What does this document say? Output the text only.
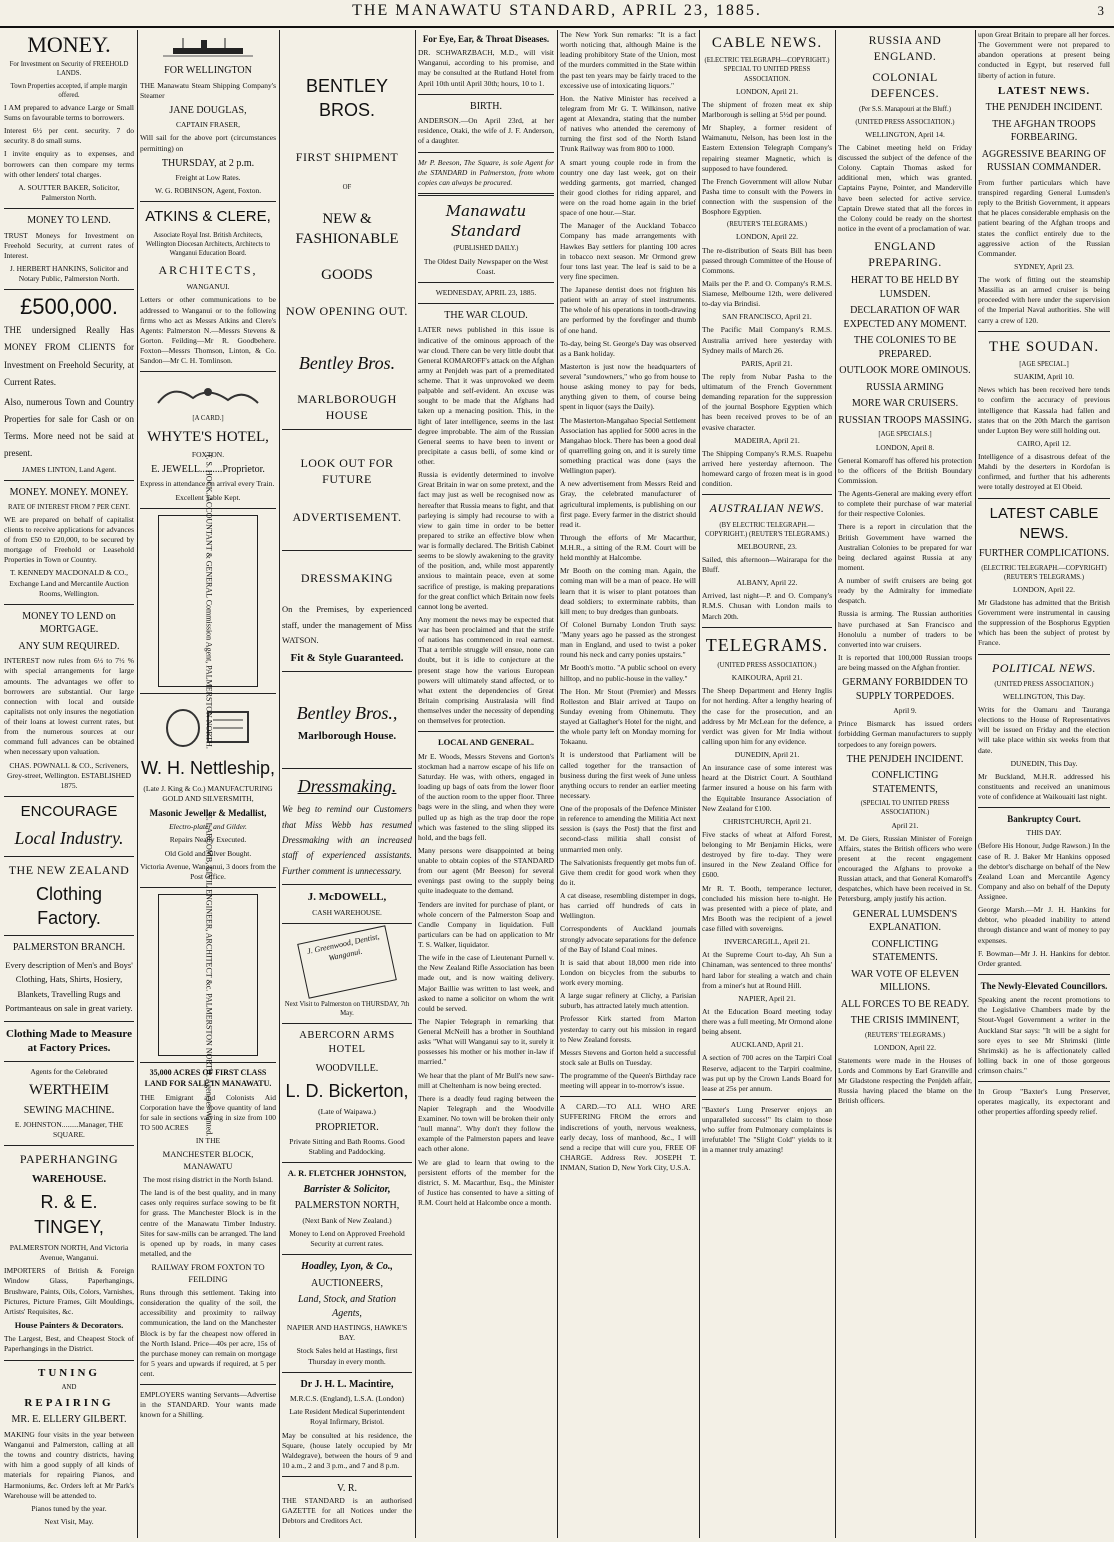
THE MANAWATU STANDARD, APRIL 23, 1885.	3
MONEY.

For Investment on Security of FREEHOLD LANDS.

Town Properties accepted, if ample margin offered.

I AM prepared to advance Large or Small Sums on favourable terms to borrowers.

Interest 6½ per cent. security. 7 do security. 8 do small sums.

I invite enquiry as to expenses, and borrowers can then compare my terms with other lenders' total charges.

A. SOUTTER BAKER, Solicitor, Palmerston North.

MONEY TO LEND.

TRUST Moneys for Investment on Freehold Security, at current rates of Interest.

J. HERBERT HANKINS, Solicitor and Notary Public, Palmerston North.

£500,000.

THE undersigned Really Has MONEY FROM CLIENTS for Investment on Freehold Security, at Current Rates.

Also, numerous Town and Country Properties for sale for Cash or on Terms. More need not be said at present.

JAMES LINTON, Land Agent.

MONEY. MONEY. MONEY.

RATE OF INTEREST FROM 7 PER CENT.

WE are prepared on behalf of capitalist clients to receive applications for advances of from £50 to £20,000, to be secured by mortgage of Freehold or Leasehold Properties in Town or Country.

T. KENNEDY MACDONALD & CO., Exchange Land and Mercantile Auction Rooms, Wellington.

MONEY TO LEND on MORTGAGE.
ANY SUM REQUIRED.

INTEREST now rules from 6½ to 7½ % with special arrangements for large amounts. The advantages we offer to borrowers are substantial. Our large connection with local and outside capitalists not only insures the negotiation of their loans at lowest current rates, but from the numerous sources at our command full advances can be obtained when necessary upon valuation.

CHAS. POWNALL & CO., Scriveners, Grey-street, Wellington. ESTABLISHED 1875.

ENCOURAGE
Local Industry.
THE NEW ZEALAND
Clothing Factory.
PALMERSTON BRANCH.

Every description of Men's and Boys' Clothing, Hats, Shirts, Hosiery, Blankets, Travelling Rugs and Portmanteaus on sale in great variety.

Clothing Made to Measure at Factory Prices.

Agents for the Celebrated

WERTHEIM
SEWING MACHINE.

E. JOHNSTON.........Manager, THE SQUARE.

PAPERHANGING
WAREHOUSE.
R. & E. TINGEY,

PALMERSTON NORTH, And Victoria Avenue, Wanganui.

IMPORTERS of British & Foreign Window Glass, Paperhangings, Brushware, Paints, Oils, Colors, Varnishes, Pictures, Picture Frames, Gilt Mouldings, Artists' Requisites, &c.

House Painters & Decorators.

The Largest, Best, and Cheapest Stock of Paperhangings in the District.

TUNING
AND
REPAIRING
MR. E. ELLERY GILBERT.

MAKING four visits in the year between Wanganui and Palmerston, calling at all the towns and country districts, having with him a good supply of all kinds of materials for repairing Pianos, and Harmoniums, &c. Orders left at Mr Park's Warehouse will be attended to.

Pianos tuned by the year.

Next Visit, May.

FOR WELLINGTON

THE Manawatu Steam Shipping Company's Steamer

JANE DOUGLAS,

CAPTAIN FRASER,

Will sail for the above port (circumstances permitting) on

THURSDAY, at 2 p.m.

Freight at Low Rates.

W. G. ROBINSON, Agent, Foxton.

ATKINS & CLERE,

Associate Royal Inst. British Architects, Wellington Diocesan Architects, Architects to Wanganui Education Board.

ARCHITECTS,

WANGANUI.

Letters or other communications to be addressed to Wanganui or to the following firms who act as Messrs Atkins and Clere's Agents: Palmerston N.—Messrs Stevens & Gorton. Feilding—Mr R. Goodbehere. Foxton—Messrs Thomson, Linton, & Co. Sandon—Mr C. H. Tomlinson.

[A CARD.]

WHYTE'S HOTEL,

FOXTON.

E. JEWELL.........Proprietor.

Express in attendance on arrival every Train.

Excellent Table Kept.

T. S. HOCK. ACCOUNTANT & GENERAL Commission Agent, PALMERSTON NORTH.
W. H. Nettleship,

(Late J. King & Co.) MANUFACTURING GOLD AND SILVERSMITH,

Masonic Jeweller & Medallist,

Electro-plater and Gilder.

Repairs Neatly Executed.

Old Gold and Silver Bought.

Victoria Avenue, Wanganui, 3 doors from the Post Office.

E. LARCOMB, CIVIL ENGINEER, ARCHITECT &c. PALMERSTON NORTH. Agencies Wanted.
35,000 ACRES OF FIRST CLASS LAND FOR SALE IN MANAWATU.

THE Emigrant and Colonists Aid Corporation have the above quantity of land for sale in sections varying in size from 100 TO 500 ACRES

IN THE

MANCHESTER BLOCK, MANAWATU

The most rising district in the North Island.

The land is of the best quality, and in many cases only requires surface sowing to be fit for grass. The Manchester Block is in the centre of the Manawatu Timber Industry. Sites for saw-mills can be arranged. The land is opened up by roads, in many cases metalled, and the

RAILWAY FROM FOXTON TO FEILDING

Runs through this settlement. Taking into consideration the quality of the soil, the accessibility and proximity to railway communication, the land on the Manchester Block is by far the cheapest now offered in the North Island. Price—40s per acre, 15s of the purchase money can remain on mortgage for 5 years and upwards if required, at 5 per cent.

EMPLOYERS wanting Servants—Advertise in the STANDARD. Your wants made known for a Shilling.

BENTLEY BROS.
FIRST SHIPMENT
OF
NEW & FASHIONABLE
GOODS
NOW OPENING OUT.
Bentley Bros.
MARLBOROUGH HOUSE
LOOK OUT FOR FUTURE
ADVERTISEMENT.
DRESSMAKING

On the Premises, by experienced staff, under the management of Miss WATSON.

Fit & Style Guaranteed.
Bentley Bros.,
Marlborough House.
Dressmaking.

We beg to remind our Customers that Miss Webb has resumed Dressmaking with an increased staff of experienced assistants. Further comment is unnecessary.

J. McDOWELL,

CASH WAREHOUSE.

J. Greenwood, Dentist, Wanganui.

Next Visit to Palmerston on THURSDAY, 7th May.

ABERCORN ARMS HOTEL
WOODVILLE.
L. D. Bickerton,

(Late of Waipawa.)

PROPRIETOR.

Private Sitting and Bath Rooms. Good Stabling and Paddocking.

A. R. FLETCHER JOHNSTON,
Barrister & Solicitor,
PALMERSTON NORTH,

(Next Bank of New Zealand.)

Money to Lend on Approved Freehold Security at current rates.

Hoadley, Lyon, & Co.,
AUCTIONEERS,
Land, Stock, and Station Agents,

NAPIER AND HASTINGS, HAWKE'S BAY.

Stock Sales held at Hastings, first Thursday in every month.

Dr J. H. L. Macintire,

M.R.C.S. (England), L.S.A. (London)

Late Resident Medical Superintendent Royal Infirmary, Bristol.

May be consulted at his residence, the Square, (house lately occupied by Mr Waldegrave), between the hours of 9 and 10 a.m., 2 and 3 p.m., and 7 and 8 p.m.

V. R.

THE STANDARD is an authorised GAZETTE for all Notices under the Debtors and Creditors Act.

For Eye, Ear, & Throat Diseases.

DR. SCHWARZBACH, M.D., will visit Wanganui, according to his promise, and may be consulted at the Rutland Hotel from April 10th until April 30th; hours, 10 to 1.

BIRTH.

ANDERSON.—On April 23rd, at her residence, Otaki, the wife of J. F. Anderson, of a daughter.

Mr P. Beeson, The Square, is sole Agent for the STANDARD in Palmerston, from whom copies can always be procured.

Manawatu Standard

(PUBLISHED DAILY.)

The Oldest Daily Newspaper on the West Coast.

WEDNESDAY, APRIL 23, 1885.

THE WAR CLOUD.

LATER news published in this issue is indicative of the ominous approach of the war cloud. There can be very little doubt that General KOMAROFF's attack on the Afghan army at Penjdeh was part of a premeditated scheme. That it was unprovoked we deem palpable and self-evident. An excuse was sought to be made that the Afghans had taken up a menacing position. This, in the light of later intelligence, seems in the last degree improbable. The aim of the Russian General seems to have been to invent or precipitate a casus belli, of some kind or other.

Russia is evidently determined to involve Great Britain in war on some pretext, and the fact may just as well be recognised now as hereafter that Russia means to fight, and that parleying is simply had recourse to with a view to gain time in order to be better prepared to strike an effective blow when war is formally declared. The British Cabinet seems to be slowly awakening to the gravity of the position, and, while most apparently anxious to maintain peace, even at some sacrifice of prestige, is making preparations for the great conflict which Britain now feels cannot long be averted.

Any moment the news may be expected that war has been proclaimed and that the strife of nations has commenced in real earnest. That a terrible struggle will ensue, none can doubt, but it is idle to conjecture at the present stage how the various European powers will ultimately stand affected, or to what extent the dependencies of Great Britain comprising Australasia will find themselves under the necessity of depending on themselves for protection.

LOCAL AND GENERAL.

Mr E. Woods, Messrs Stevens and Gorton's stockman had a narrow escape of his life on Saturday. He was, with others, engaged in loading up bags of oats from the lower floor of the auction room to the upper floor. Three bags were in the sling, and when they were pulled up as high as the trap door the rope which was fastened to the sling slipped its hold, and the bags fell.

Many persons were disappointed at being unable to obtain copies of the STANDARD from our agent (Mr Beeson) for several evenings past owing to the supply being quite inadequate to the demand.

Tenders are invited for purchase of plant, or whole concern of the Palmerston Soap and Candle Company in liquidation. Full particulars can be had on application to Mr T. S. Walker, liquidator.

The wife in the case of Lieutenant Purnell v. the New Zealand Rifle Association has been made out, and is now waiting delivery. Major Baillie was written to last week, and asked to name a solicitor on whom the writ could be served.

The Napier Telegraph in remarking that General McNeill has a brother in Southland asks "What will Wanganui say to it, surely it possesses his mother or his mother in-law if married."

We hear that the plant of Mr Bull's new saw-mill at Cheltenham is now being erected.

There is a deadly feud raging between the Napier Telegraph and the Woodville Examiner. No town will be broken their only "null manna". Why don't they follow the example of the Palmerston papers and leave each other alone.

We are glad to learn that owing to the persistent efforts of the member for the district, S. M. Macarthur, Esq., the Minister of Justice has consented to have a sitting of R.M. Court held at Halcombe once a month.

The New York Sun remarks: "It is a fact worth noticing that, although Maine is the leading prohibitory State of the Union, most of the murders committed in the State within the past ten years may be fairly traced to the excessive use of intoxicating liquors."

Hon. the Native Minister has received a telegram from Mr G. T. Wilkinson, native agent at Alexandra, stating that the number of natives who attended the ceremony of turning the first sod of the North Island Trunk Railway was from 800 to 1000.

A smart young couple rode in from the country one day last week, got on their wedding garments, got married, changed their good clothes for riding apparel, and were on the road home again in the brief space of one hour.—Star.

The Manager of the Auckland Tobacco Company has made arrangements with Hawkes Bay settlers for planting 100 acres in tobacco next season. Mr Ormond grew four tons last year. The leaf is said to be a very fine specimen.

The Japanese dentist does not frighten his patient with an array of steel instruments. The whole of his operations in tooth-drawing are performed by the forefinger and thumb of one hand.

To-day, being St. George's Day was observed as a Bank holiday.

Masterton is just now the headquarters of several "sundowners," who go from house to house asking money to pay for beds, anything given to them, of course being spent in liquor (says the Daily).

The Masterton-Mangahao Special Settlement Association has applied for 5000 acres in the Mangahao block. There has been a good deal of quarrelling going on, and it is surely time something practical was done (says the Wellington paper).

A new advertisement from Messrs Reid and Gray, the celebrated manufacturer of agricultural implements, is publishing on our first page. Every farmer in the district should read it.

Through the efforts of Mr Macarthur, M.H.R., a sitting of the R.M. Court will be held monthly at Halcombe.

Mr Booth on the coming man. Again, the coming man will be a man of peace. He will learn that it is wiser to plant potatoes than dead soldiers; to exterminate rabbits, than kill men; to buy dredges than gunboats.

Of Colonel Burnaby London Truth says: "Many years ago he passed as the strongest man in England, and used to twist a poker round his neck and carry ponies upstairs."

Mr Booth's motto. "A public school on every hilltop, and no public-house in the valley."

The Hon. Mr Stout (Premier) and Messrs Rolleston and Blair arrived at Taupo on Sunday evening from Ohinemutu. They stayed at Gallagher's Hotel for the night, and the whole party left on Monday morning for Tokaanu.

It is understood that Parliament will be called together for the transaction of business during the first week of June unless anything occurs to render an earlier meeting necessary.

One of the proposals of the Defence Minister in reference to amending the Militia Act next session is (says the Post) that the first and second-class militia shall consist of unmarried men only.

The Salvationists frequently get mobs fun of. Give them credit for good work when they do it.

A cat disease, resembling distemper in dogs, has carried off hundreds of cats in Wellington.

Correspondents of Auckland journals strongly advocate separations for the defence of the Bay of Island Coal mines.

It is said that about 18,000 men ride into London on bicycles from the suburbs to work every morning.

A large sugar refinery at Clichy, a Parisian suburb, has attracted lately much attention.

Professor Kirk started from Marton yesterday to carry out his mission in regard to New Zealand forests.

Messrs Stevens and Gorton held a successful stock sale at Bulls on Tuesday.

The programme of the Queen's Birthday race meeting will appear in to-morrow's issue.

A CARD.—TO ALL WHO ARE SUFFERING FROM the errors and indiscretions of youth, nervous weakness, early decay, loss of manhood, &c., I will send a recipe that will cure you, FREE OF CHARGE. Address Rev. JOSEPH T. INMAN, Station D, New York City, U.S.A.

CABLE NEWS.

(ELECTRIC TELEGRAPH—COPYRIGHT.) SPECIAL TO UNITED PRESS ASSOCIATION.

LONDON, April 21.

The shipment of frozen meat ex ship Marlborough is selling at 5½d per pound.

Mr Shapley, a former resident of Waimanutu, Nelson, has been lost in the Eastern Extension Telegraph Company's repairing steamer Magnetic, which is supposed to have foundered.

The French Government will allow Nubar Pasha time to consult with the Powers in connection with the suspension of the Bosphore Egyptien.

(REUTER'S TELEGRAMS.)

LONDON, April 22.

The re-distribution of Seats Bill has been passed through Committee of the House of Commons.

Mails per the P. and O. Company's R.M.S. Siamese, Melbourne 12th, were delivered to-day via Brindisi.

SAN FRANCISCO, April 21.

The Pacific Mail Company's R.M.S. Australia arrived here yesterday with Sydney mails of March 26.

PARIS, April 21.

The reply from Nubar Pasha to the ultimatum of the French Government demanding reparation for the suppression of the journal Bosphore Egyptien which has been received proves to be of an evasive character.

MADEIRA, April 21.

The Shipping Company's R.M.S. Ruapehu arrived here yesterday afternoon. The homeward cargo of frozen meat is in good condition.

AUSTRALIAN NEWS.

(BY ELECTRIC TELEGRAPH.—COPYRIGHT.) (REUTER'S TELEGRAMS.)

MELBOURNE, 23.

Sailed, this afternoon—Wairarapa for the Bluff.

ALBANY, April 22.

Arrived, last night—P. and O. Company's R.M.S. Chusan with London mails to March 20th.

TELEGRAMS.

(UNITED PRESS ASSOCIATION.)

KAIKOURA, April 21.

The Sheep Department and Henry Inglis for not herding. After a lengthy hearing of the case for the prosecution, and an address by Mr McLean for the defence, a verdict was given for Mr India without calling upon him for any evidence.

DUNEDIN, April 21.

An insurance case of some interest was heard at the District Court. A Southland farmer insured a house on his farm with the Equitable Insurance Association of New Zealand for £100.

CHRISTCHURCH, April 21.

Five stacks of wheat at Alford Forest, belonging to Mr Benjamin Hicks, were destroyed by fire to-day. They were insured in the New Zealand Office for £600.

Mr R. T. Booth, temperance lecturer, concluded his mission here to-night. He was presented with a piece of plate, and Mrs Booth was the recipient of a jewel case filled with sovereigns.

INVERCARGILL, April 21.

At the Supreme Court to-day, Ah Sun a Chinaman, was sentenced to three months' hard labor for stealing a watch and chain from a miner's hut at Round Hill.

NAPIER, April 21.

At the Education Board meeting today there was a full meeting, Mr Ormond alone being absent.

AUCKLAND, April 21.

A section of 700 acres on the Tarpiri Coal Reserve, adjacent to the Tarpiri coalmine, was put up by the Crown Lands Board for lease at 25s per annum.

"Baxter's Lung Preserver enjoys an unparalleled success!" Its claim to those who suffer from Pulmonary complaints is irrefutable! The "Slight Cold" yields to it in a manner truly amazing!

RUSSIA AND ENGLAND.
COLONIAL DEFENCES.

(Per S.S. Manapouri at the Bluff.)

(UNITED PRESS ASSOCIATION.)

WELLINGTON, April 14.

The Cabinet meeting held on Friday discussed the subject of the defence of the Colony. Captain Thomas asked for additional men, which was granted. Captains Payne, Pointer, and Manderville have been selected for active service. Captain Drewe stated that all the forces in the Colony could be ready on the shortest notice in the event of a proclamation of war.

ENGLAND PREPARING.
HERAT TO BE HELD BY LUMSDEN.
DECLARATION OF WAR EXPECTED ANY MOMENT.
THE COLONIES TO BE PREPARED.
OUTLOOK MORE OMINOUS.
RUSSIA ARMING
MORE WAR CRUISERS.
RUSSIAN TROOPS MASSING.

[AGE SPECIALS.]

LONDON, April 8.

General Komaroff has offered his protection to the officers of the British Boundary Commission.

The Agents-General are making every effort to complete their purchase of war material for their respective Colonies.

There is a report in circulation that the British Government have warned the Australian Colonies to be prepared for war being declared against Russia at any moment.

A number of swift cruisers are being got ready by the Admiralty for immediate despatch.

Russia is arming. The Russian authorities have purchased at San Francisco and Honolulu a number of traders to be converted into war cruisers.

It is reported that 100,000 Russian troops are being massed on the Afghan frontier.

GERMANY FORBIDDEN TO SUPPLY TORPEDOES.

April 9.

Prince Bismarck has issued orders forbidding German manufacturers to supply torpedoes to any foreign powers.

THE PENJDEH INCIDENT.
CONFLICTING STATEMENTS,

(SPECIAL TO UNITED PRESS ASSOCIATION.)

April 21.

M. De Giers, Russian Minister of Foreign Affairs, states the British officers who were present at the recent engagement encouraged the Afghans to provoke a Russian attack, and that General Komaroff's despatches, which have been received in St. Petersburg, amply justify his action.

GENERAL LUMSDEN'S EXPLANATION.
CONFLICTING STATEMENTS.
WAR VOTE OF ELEVEN MILLIONS.
ALL FORCES TO BE READY.
THE CRISIS IMMINENT,

(REUTERS' TELEGRAMS.)

LONDON, April 22.

Statements were made in the Houses of Lords and Commons by Earl Granville and Mr Gladstone respecting the Penjdeh affair, Russia having placed the blame on the British officers.

upon Great Britain to prepare all her forces. The Government were not prepared to abandon operations at present being conducted in Egypt, but reserved full liberty of action in future.

LATEST NEWS.
THE PENJDEH INCIDENT.
THE AFGHAN TROOPS FORBEARING.
AGGRESSIVE BEARING OF RUSSIAN COMMANDER.

From further particulars which have transpired regarding General Lumsden's reply to the British Government, it appears that he places considerable emphasis on the patient bearing of the Afghan troops and states the conflict entirely due to the aggressive action of the Russian Commander.

SYDNEY, April 23.

The work of fitting out the steamship Massilia as an armed cruiser is being proceeded with here under the supervision of the Imperial Naval authorities. She will carry a crew of 120.

THE SOUDAN.

[AGE SPECIAL.]

SUAKIM, April 10.

News which has been received here tends to confirm the accuracy of previous intelligence that Kassala had fallen and states that on the 20th March the garrison under Lupton Bey were still holding out.

CAIRO, April 12.

Intelligence of a disastrous defeat of the Mahdi by the deserters in Kordofan is confirmed, and further that his adherents were totally destroyed at El Obeid.

LATEST CABLE NEWS.
FURTHER COMPLICATIONS.

(ELECTRIC TELEGRAPH.—COPYRIGHT) (REUTER'S TELEGRAMS.)

LONDON, April 22.

Mr Gladstone has admitted that the British Government were instrumental in causing the suppression of the Bosphorus Egyptien which has been the subject of protest by France.

POLITICAL NEWS.

(UNITED PRESS ASSOCIATION.)

WELLINGTON, This Day.

Writs for the Oamaru and Tauranga elections to the House of Representatives will be issued on Friday and the election will take place within six weeks from that date.

DUNEDIN, This Day.

Mr Buckland, M.H.R. addressed his constituents and received an unanimous vote of confidence at Waikouaiti last night.

Bankruptcy Court.

THIS DAY.

(Before His Honour, Judge Rawson.) In the case of R. J. Baker Mr Hankins opposed the debtor's discharge on behalf of the New Zealand Loan and Mercantile Agency Company and also on behalf of the Deputy Assignee.

George Marsh.—Mr J. H. Hankins for debtor, who pleaded inability to attend through distance and want of money to pay expenses.

F. Bowman—Mr J. H. Hankins for debtor. Order granted.

The Newly-Elevated Councillors.

Speaking anent the recent promotions to the Legislative Chambers made by the Stout-Vogel Government a writer in the Auckland Star says: "It will be a sight for sore eyes to see Mr Shrimski (little Shrimski) as he is affectionately called lolling back in one of those gorgeous crimson chairs."

In Group "Baxter's Lung Preserver, operates magically, its expectorant and other properties affording speedy relief.
